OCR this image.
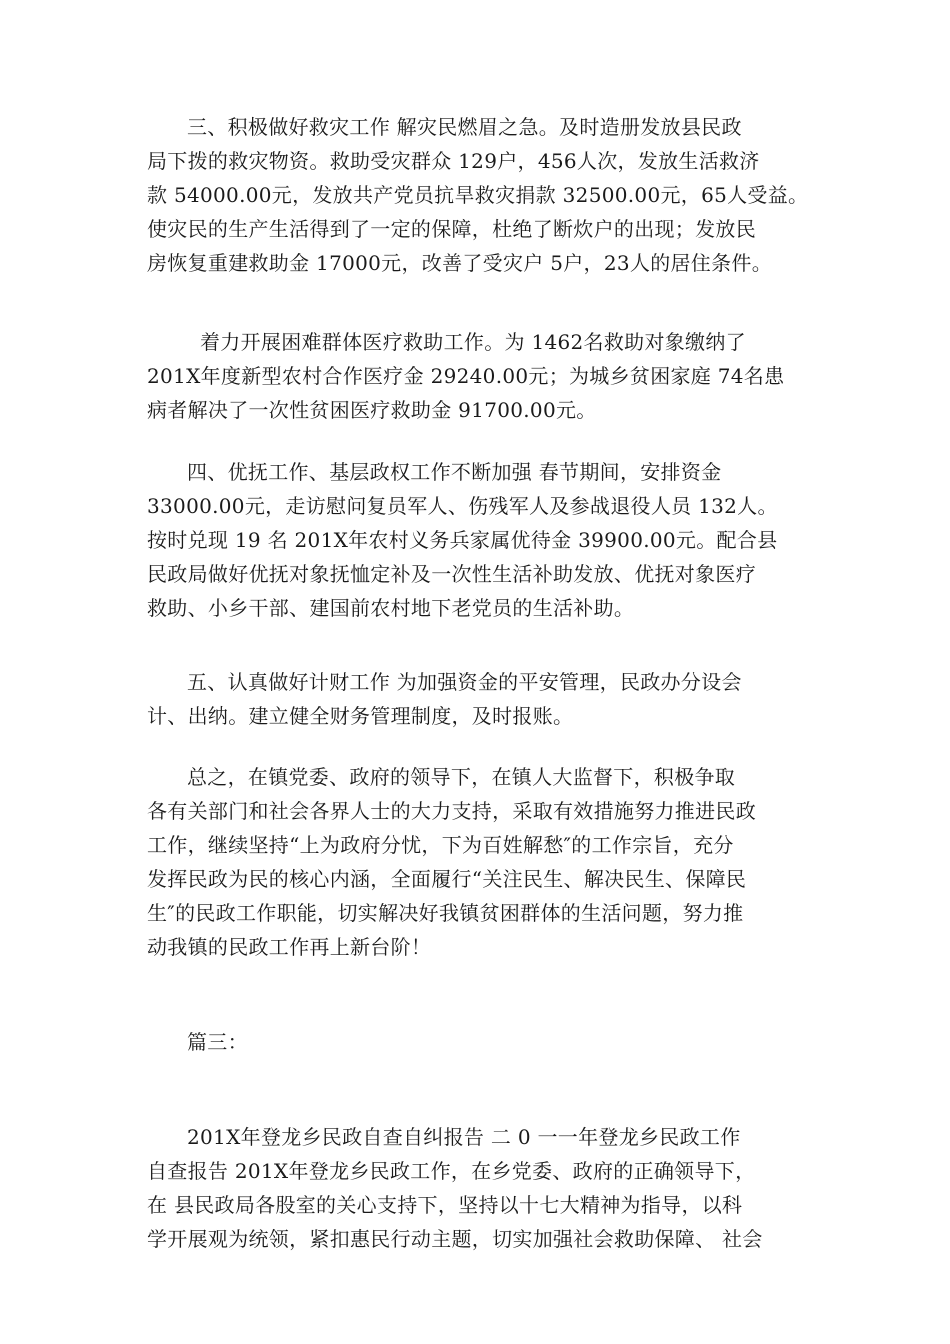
三、积极做好救灾工作 解灾民燃眉之急。及时造册发放县民政
局下拨的救灾物资。救助受灾群众 129户，456人次，发放生活救济
款 54000.00元，发放共产党员抗旱救灾捐款 32500.00元，65人受益。
使灾民的生产生活得到了一定的保障，杜绝了断炊户的出现；发放民
房恢复重建救助金 17000元，改善了受灾户 5户，23人的居住条件。
着力开展困难群体医疗救助工作。为 1462名救助对象缴纳了
201X年度新型农村合作医疗金 29240.00元；为城乡贫困家庭 74名患
病者解决了一次性贫困医疗救助金 91700.00元。
四、优抚工作、基层政权工作不断加强 春节期间，安排资金
33000.00元，走访慰问复员军人、伤残军人及参战退役人员 132人。
按时兑现 19 名 201X年农村义务兵家属优待金 39900.00元。配合县
民政局做好优抚对象抚恤定补及一次性生活补助发放、优抚对象医疗
救助、小乡干部、建国前农村地下老党员的生活补助。
五、认真做好计财工作 为加强资金的平安管理，民政办分设会
计、出纳。建立健全财务管理制度，及时报账。
总之，在镇党委、政府的领导下，在镇人大监督下，积极争取
各有关部门和社会各界人士的大力支持，采取有效措施努力推进民政
工作，继续坚持“上为政府分忧，下为百姓解愁″的工作宗旨，充分
发挥民政为民的核心内涵，全面履行“关注民生、解决民生、保障民
生″的民政工作职能，切实解决好我镇贫困群体的生活问题，努力推
动我镇的民政工作再上新台阶！
篇三：
201X年登龙乡民政自查自纠报告 二 0 一一年登龙乡民政工作
自查报告 201X年登龙乡民政工作，在乡党委、政府的正确领导下，
在 县民政局各股室的关心支持下，坚持以十七大精神为指导，以科
学开展观为统领，紧扣惠民行动主题，切实加强社会救助保障、 社会
